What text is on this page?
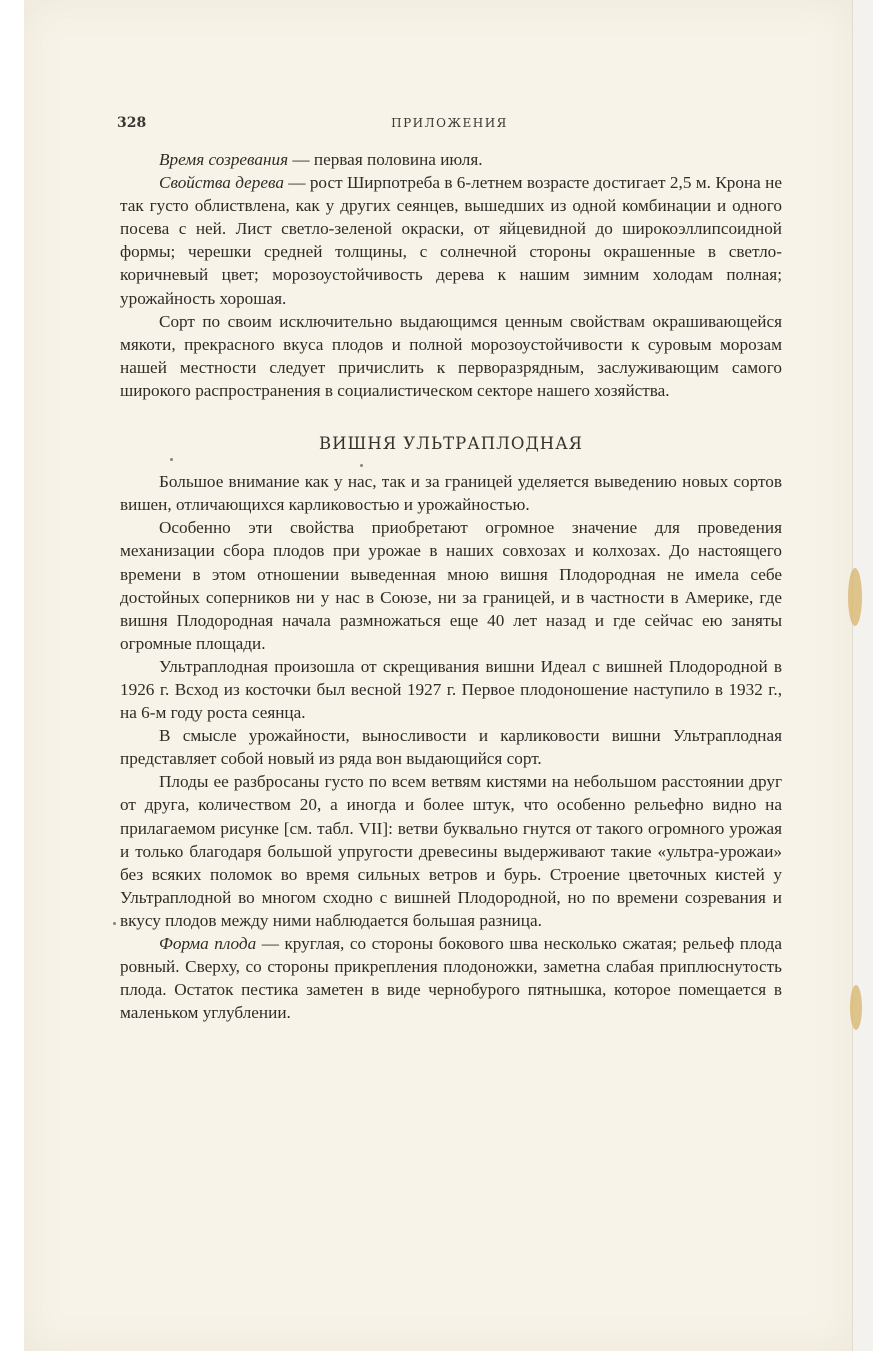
328	ПРИЛОЖЕНИЯ

Время созревания — первая половина июля.

Свойства дерева — рост Ширпотреба в 6-летнем возрасте достигает 2,5 м. Крона не так густо облиствлена, как у других сеянцев, вышедших из одной комбинации и одного посева с ней. Лист светло-зеленой окраски, от яйцевидной до широкоэллипсоидной формы; черешки средней толщины, с солнечной стороны окрашенные в светло-коричневый цвет; морозоустойчивость дерева к нашим зимним холодам полная; урожайность хорошая.

Сорт по своим исключительно выдающимся ценным свойствам окрашивающейся мякоти, прекрасного вкуса плодов и полной морозоустойчивости к суровым морозам нашей местности следует причислить к перворазрядным, заслуживающим самого широкого распространения в социалистическом секторе нашего хозяйства.

ВИШНЯ УЛЬТРАПЛОДНАЯ

Большое внимание как у нас, так и за границей уделяется выведению новых сортов вишен, отличающихся карликовостью и урожайностью.

Особенно эти свойства приобретают огромное значение для проведения механизации сбора плодов при урожае в наших совхозах и колхозах. До настоящего времени в этом отношении выведенная мною вишня Плодородная не имела себе достойных соперников ни у нас в Союзе, ни за границей, и в частности в Америке, где вишня Плодородная начала размножаться еще 40 лет назад и где сейчас ею заняты огромные площади.

Ультраплодная произошла от скрещивания вишни Идеал с вишней Плодородной в 1926 г. Всход из косточки был весной 1927 г. Первое плодоношение наступило в 1932 г., на 6-м году роста сеянца.

В смысле урожайности, выносливости и карликовости вишни Ультраплодная представляет собой новый из ряда вон выдающийся сорт.

Плоды ее разбросаны густо по всем ветвям кистями на небольшом расстоянии друг от друга, количеством 20, а иногда и более штук, что особенно рельефно видно на прилагаемом рисунке [см. табл. VII]: ветви буквально гнутся от такого огромного урожая и только благодаря большой упругости древесины выдерживают такие «ультра-урожаи» без всяких поломок во время сильных ветров и бурь. Строение цветочных кистей у Ультраплодной во многом сходно с вишней Плодородной, но по времени созревания и вкусу плодов между ними наблюдается большая разница.

Форма плода — круглая, со стороны бокового шва несколько сжатая; рельеф плода ровный. Сверху, со стороны прикрепления плодоножки, заметна слабая приплюснутость плода. Остаток пестика заметен в виде чернобурого пятнышка, которое помещается в маленьком углублении.
